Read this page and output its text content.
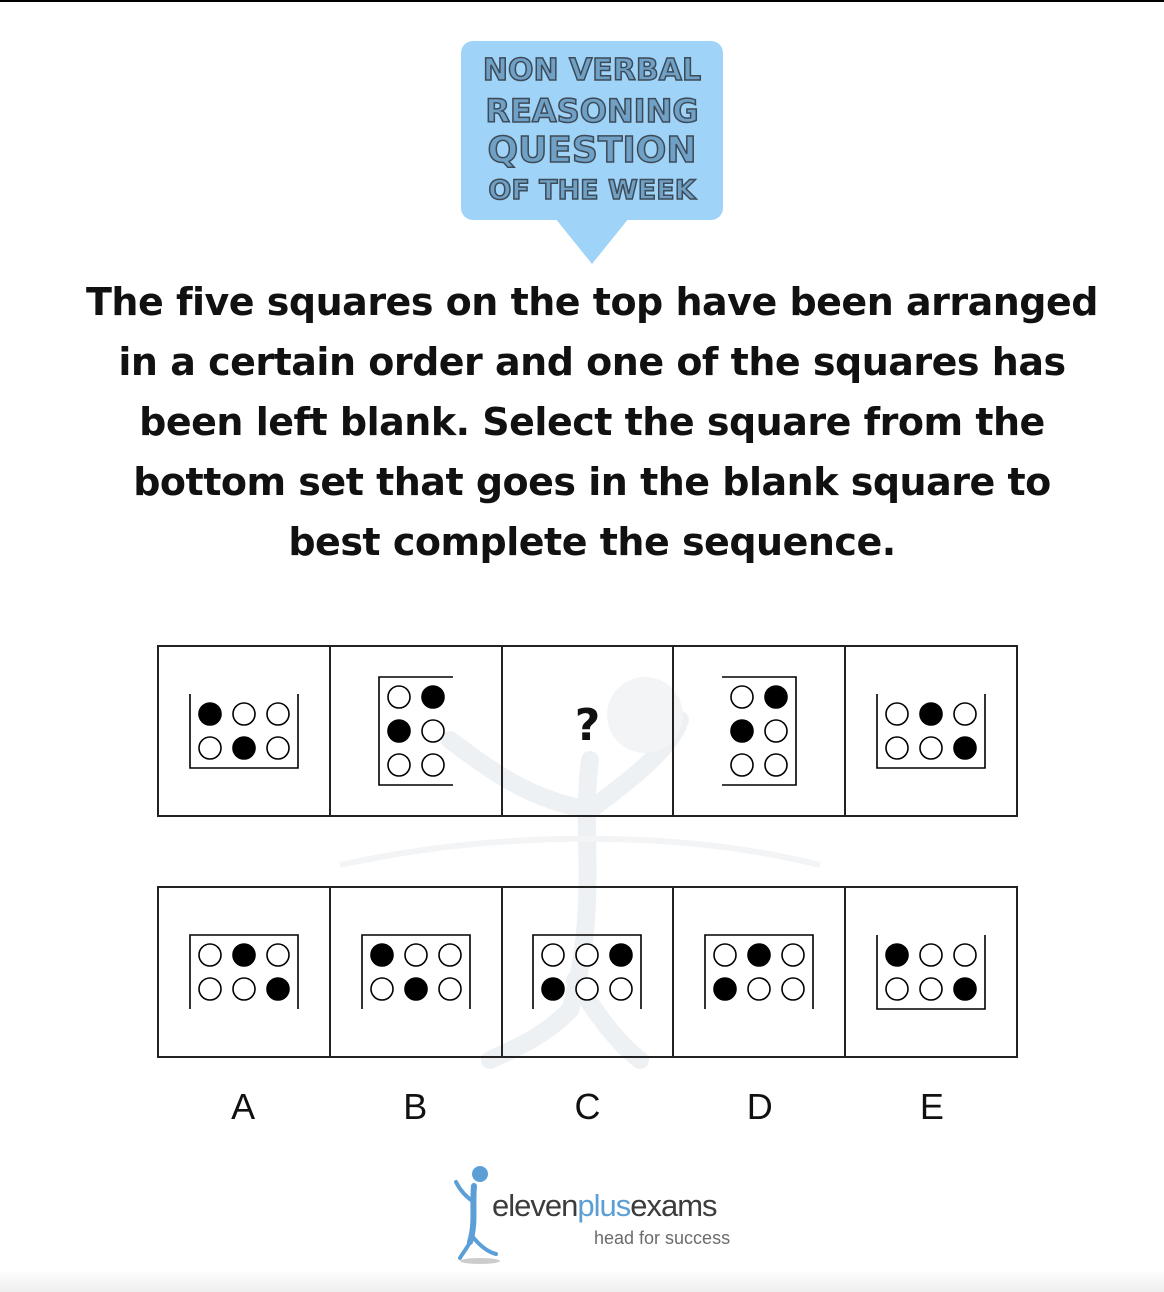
NON VERBAL
REASONING
QUESTION
OF THE WEEK
The five squares on the top have been arranged
in a certain order and one of the squares has
been left blank. Select the square from the
bottom set that goes in the blank square to
best complete the sequence.
?
A	B	C	D	E
elevenplusexams
head for success
